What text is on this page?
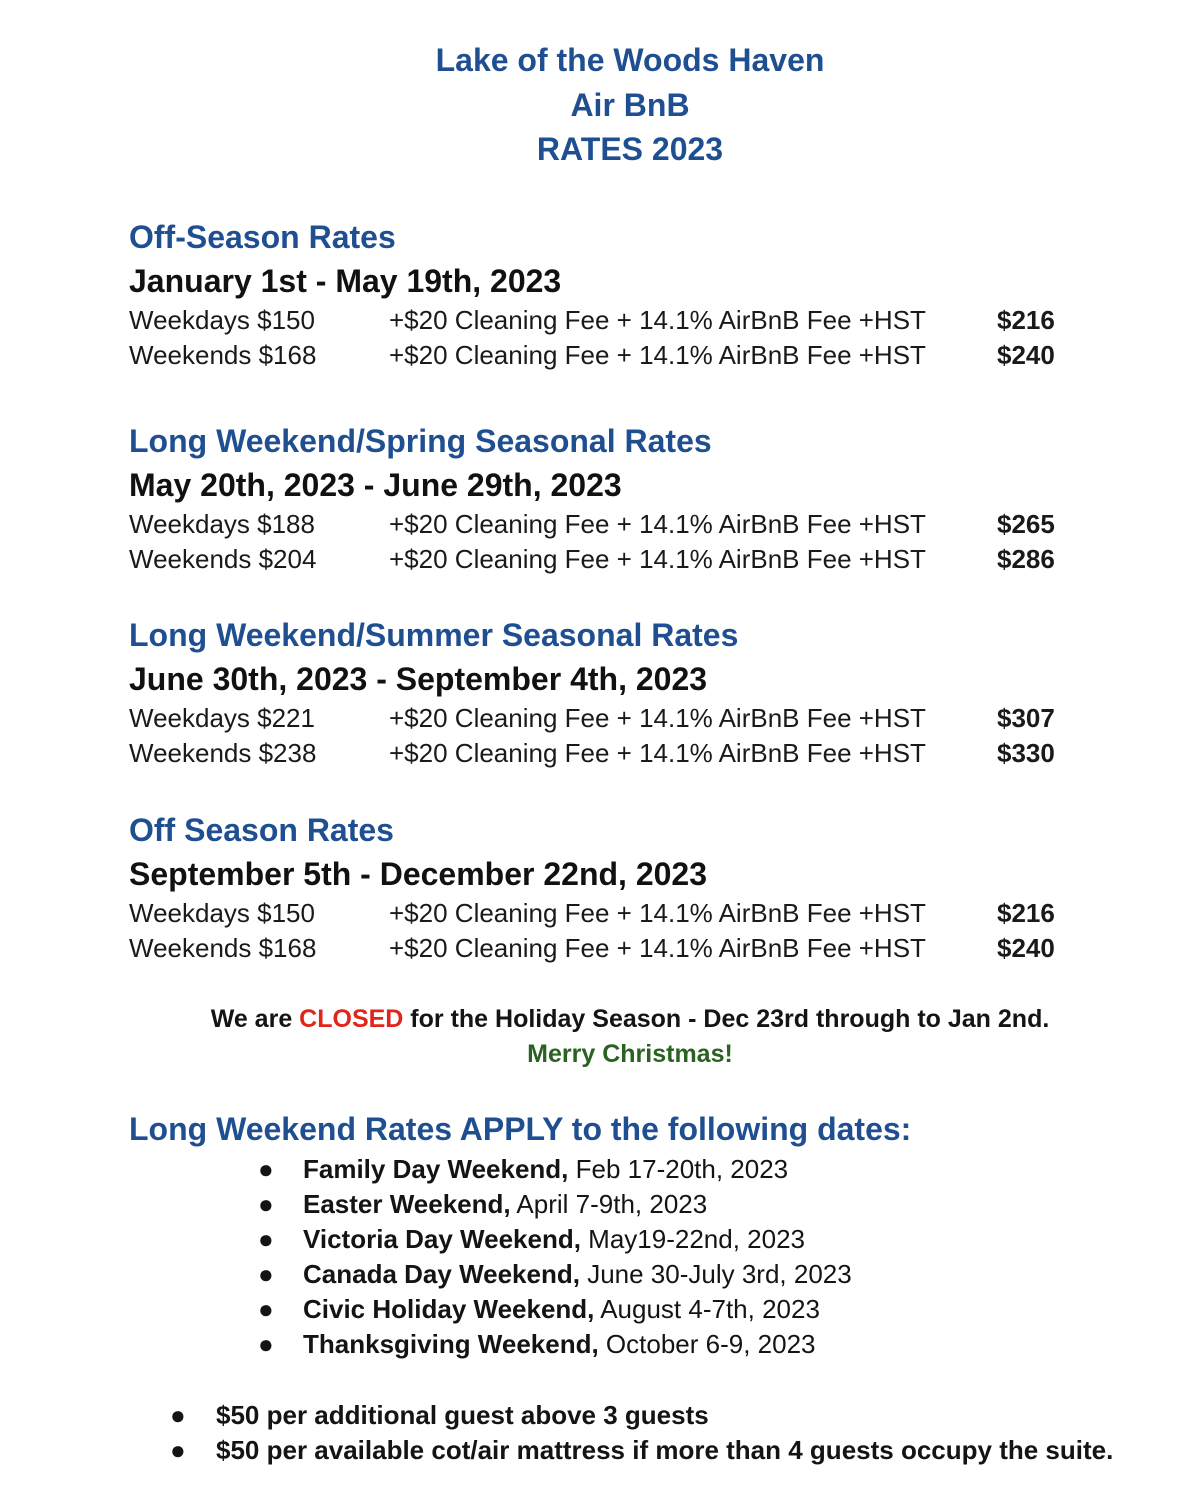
Lake of the Woods Haven
Air BnB
RATES 2023
Off-Season Rates
January 1st - May 19th, 2023
Weekdays $150	+$20 Cleaning Fee + 14.1% AirBnB Fee +HST	$216
Weekends $168	+$20 Cleaning Fee + 14.1% AirBnB Fee +HST	$240
Long Weekend/Spring Seasonal Rates
May 20th, 2023 - June 29th, 2023
Weekdays $188	+$20 Cleaning Fee + 14.1% AirBnB Fee +HST	$265
Weekends $204	+$20 Cleaning Fee + 14.1% AirBnB Fee +HST	$286
Long Weekend/Summer Seasonal Rates
June 30th, 2023 - September 4th, 2023
Weekdays $221	+$20 Cleaning Fee + 14.1% AirBnB Fee +HST	$307
Weekends $238	+$20 Cleaning Fee + 14.1% AirBnB Fee +HST	$330
Off Season Rates
September 5th - December 22nd, 2023
Weekdays $150	+$20 Cleaning Fee + 14.1% AirBnB Fee +HST	$216
Weekends $168	+$20 Cleaning Fee + 14.1% AirBnB Fee +HST	$240
We are CLOSED for the Holiday Season - Dec 23rd through to Jan 2nd.
Merry Christmas!
Long Weekend Rates APPLY to the following dates:
● Family Day Weekend, Feb 17-20th, 2023
● Easter Weekend, April 7-9th, 2023
● Victoria Day Weekend, May19-22nd, 2023
● Canada Day Weekend, June 30-July 3rd, 2023
● Civic Holiday Weekend, August 4-7th, 2023
● Thanksgiving Weekend, October 6-9, 2023
● $50 per additional guest above 3 guests
● $50 per available cot/air mattress if more than 4 guests occupy the suite.
